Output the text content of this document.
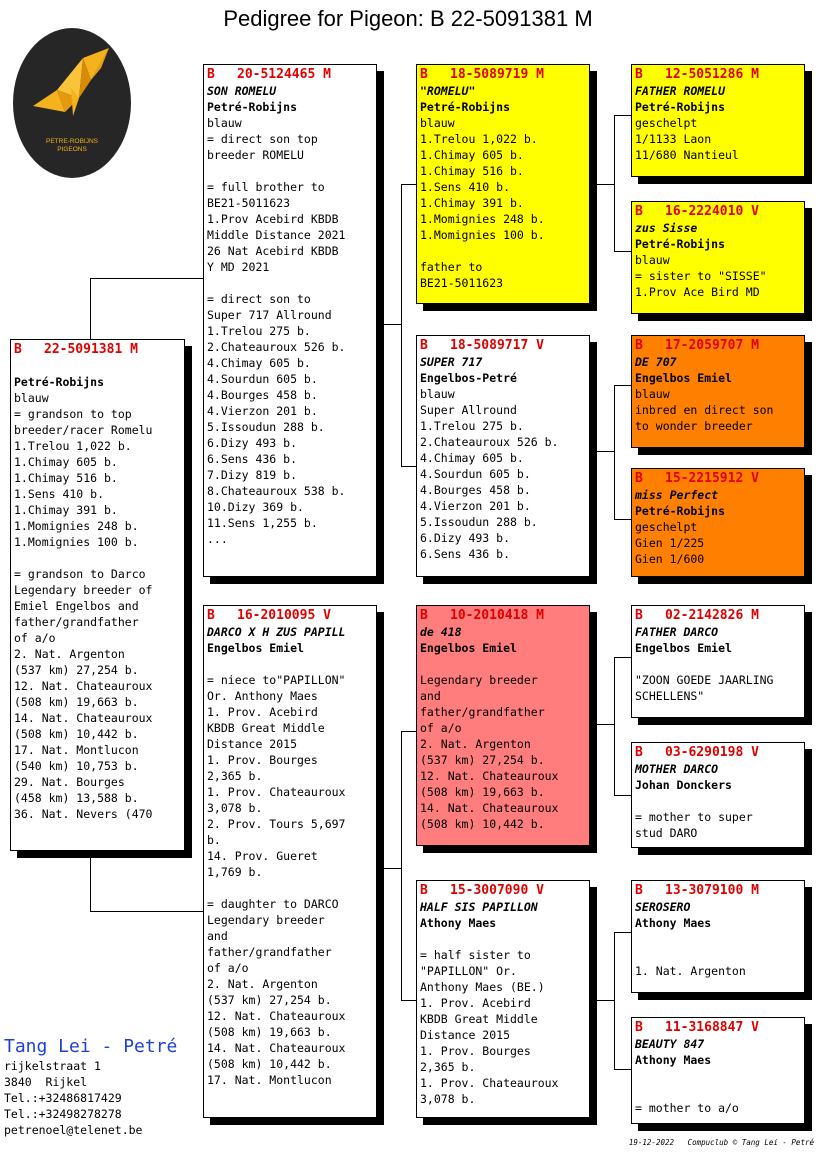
Pedigree for Pigeon: B 22-5091381 M
PETRE-ROBIJNS
PIGEONS
B	22-5091381 M
Petré-Robijns
blauw
= grandson to top
breeder/racer Romelu
1.Trelou 1,022 b.
1.Chimay 605 b.
1.Chimay 516 b.
1.Sens 410 b.
1.Chimay 391 b.
1.Momignies 248 b.
1.Momignies 100 b.
= grandson to Darco
Legendary breeder of
Emiel Engelbos and
father/grandfather
of a/o
2. Nat. Argenton
(537 km) 27,254 b.
12. Nat. Chateauroux
(508 km) 19,663 b.
14. Nat. Chateauroux
(508 km) 10,442 b.
17. Nat. Montlucon
(540 km) 10,753 b.
29. Nat. Bourges
(458 km) 13,588 b.
36. Nat. Nevers (470
B	20-5124465 M
SON ROMELU
Petré-Robijns
blauw
= direct son top
breeder ROMELU
= full brother to
BE21-5011623
1.Prov Acebird KBDB
Middle Distance 2021
26 Nat Acebird KBDB
Y MD 2021
= direct son to
Super 717 Allround
1.Trelou 275 b.
2.Chateauroux 526 b.
4.Chimay 605 b.
4.Sourdun 605 b.
4.Bourges 458 b.
4.Vierzon 201 b.
5.Issoudun 288 b.
6.Dizy 493 b.
6.Sens 436 b.
7.Dizy 819 b.
8.Chateauroux 538 b.
10.Dizy 369 b.
11.Sens 1,255 b.
...
B	16-2010095 V
DARCO X H ZUS PAPILL
Engelbos Emiel
= niece to"PAPILLON"
Or. Anthony Maes
1. Prov. Acebird
KBDB Great Middle
Distance 2015
1. Prov. Bourges
2,365 b.
1. Prov. Chateauroux
3,078 b.
2. Prov. Tours 5,697
b.
14. Prov. Gueret
1,769 b.
= daughter to DARCO
Legendary breeder
and
father/grandfather
of a/o
2. Nat. Argenton
(537 km) 27,254 b.
12. Nat. Chateauroux
(508 km) 19,663 b.
14. Nat. Chateauroux
(508 km) 10,442 b.
17. Nat. Montlucon
B	18-5089719 M
"ROMELU"
Petré-Robijns
blauw
1.Trelou 1,022 b.
1.Chimay 605 b.
1.Chimay 516 b.
1.Sens 410 b.
1.Chimay 391 b.
1.Momignies 248 b.
1.Momignies 100 b.
father to
BE21-5011623
B	18-5089717 V
SUPER 717
Engelbos-Petré
blauw
Super Allround
1.Trelou 275 b.
2.Chateauroux 526 b.
4.Chimay 605 b.
4.Sourdun 605 b.
4.Bourges 458 b.
4.Vierzon 201 b.
5.Issoudun 288 b.
6.Dizy 493 b.
6.Sens 436 b.
B	10-2010418 M
de 418
Engelbos Emiel
Legendary breeder
and
father/grandfather
of a/o
2. Nat. Argenton
(537 km) 27,254 b.
12. Nat. Chateauroux
(508 km) 19,663 b.
14. Nat. Chateauroux
(508 km) 10,442 b.
B	15-3007090 V
HALF SIS PAPILLON
Athony Maes
= half sister to
"PAPILLON" Or.
Anthony Maes (BE.)
1. Prov. Acebird
KBDB Great Middle
Distance 2015
1. Prov. Bourges
2,365 b.
1. Prov. Chateauroux
3,078 b.
B	12-5051286 M
FATHER ROMELU
Petré-Robijns
geschelpt
1/1133 Laon
11/680 Nantieul
B	16-2224010 V
zus Sisse
Petré-Robijns
blauw
= sister to "SISSE"
1.Prov Ace Bird MD
B	17-2059707 M
DE 707
Engelbos Emiel
blauw
inbred en direct son
to wonder breeder
B	15-2215912 V
miss Perfect
Petré-Robijns
geschelpt
Gien 1/225
Gien 1/600
B	02-2142826 M
FATHER DARCO
Engelbos Emiel
"ZOON GOEDE JAARLING
SCHELLENS"
B	03-6290198 V
MOTHER DARCO
Johan Donckers
= mother to super
stud DARO
B	13-3079100 M
SEROSERO
Athony Maes
1. Nat. Argenton
B	11-3168847 V
BEAUTY 847
Athony Maes
= mother to a/o
Tang Lei - Petré
rijkelstraat 1
3840  Rijkel
Tel.:+32486817429
Tel.:+32498278278
petrenoel@telenet.be
19-12-2022   Compuclub © Tang Lei - Petré
